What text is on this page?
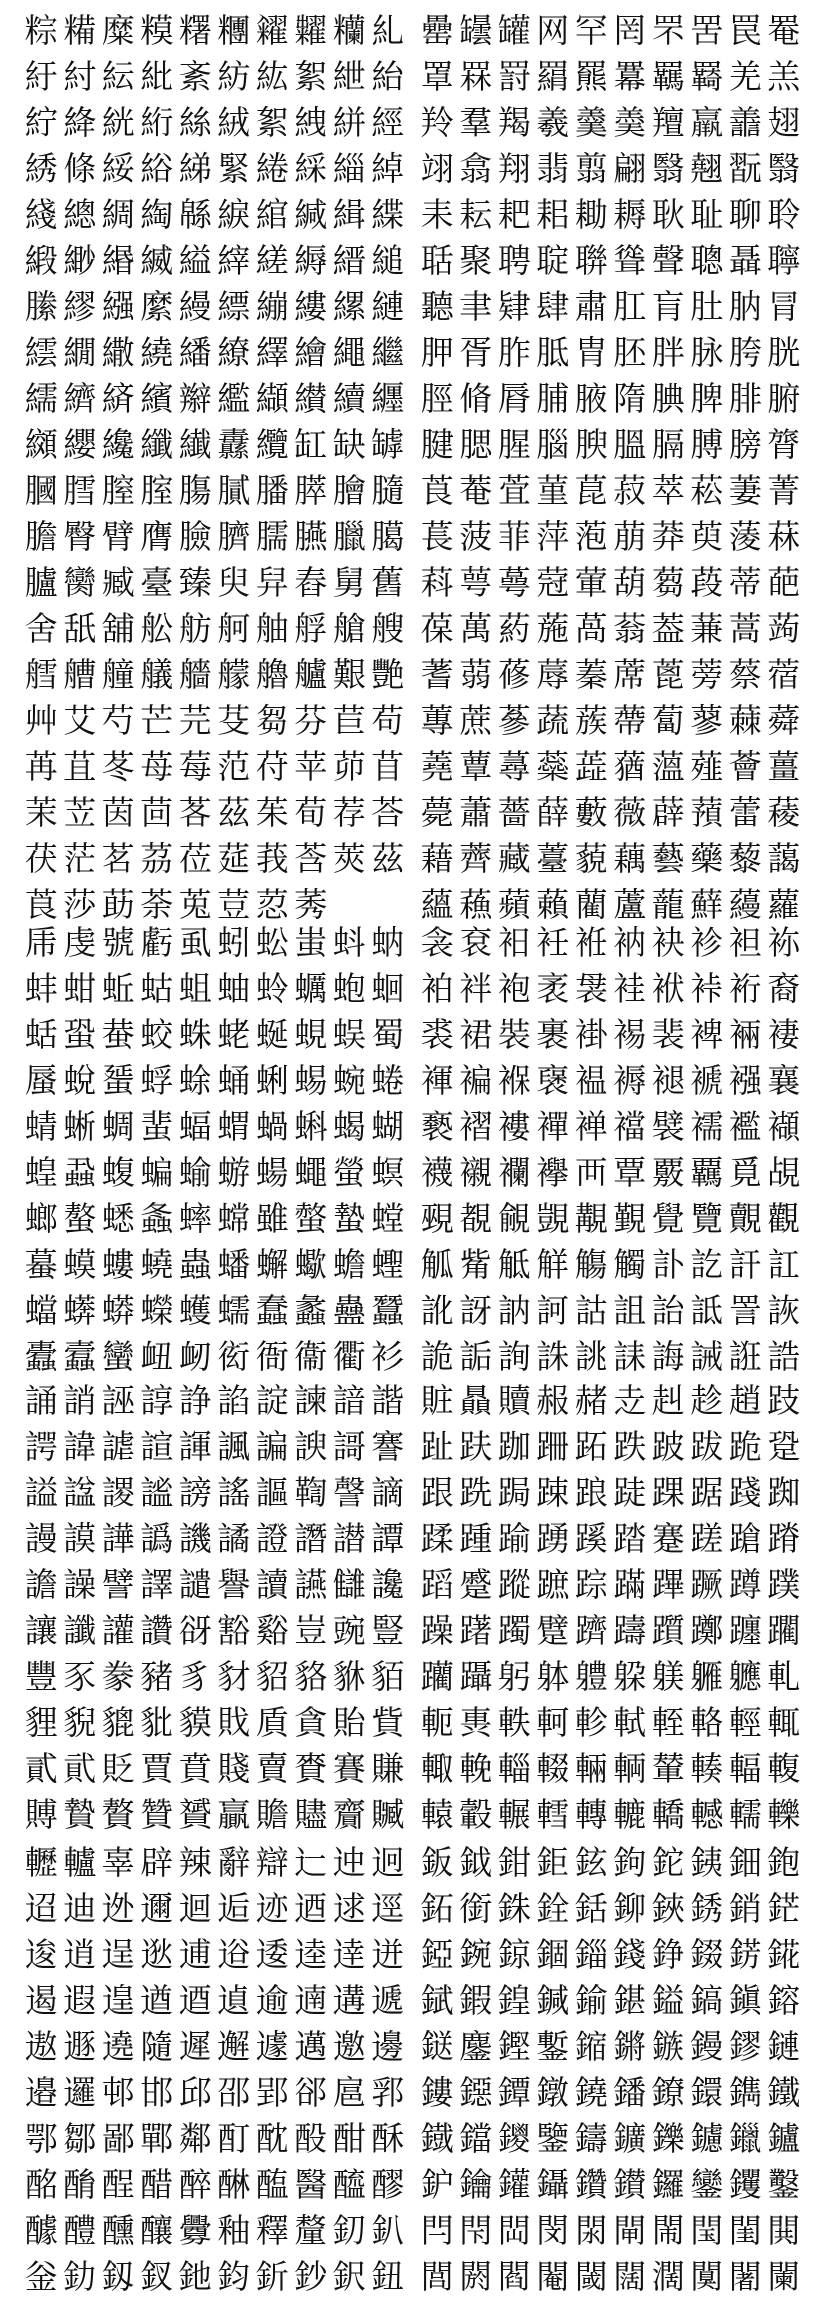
粽 糒 糜 糢 糬 糰 糴 糶 糷 糺
紆 紂 紜 紕 紊 紡 紘 絮 紲 紿
紵 絳 絖 絎 絲 絨 絮 絏 絣 經
綉 條 綏 綌 綈 緊 綣 綵 緇 綽
綫 總 綢 綯 緜 綟 綰 緘 緝 緤
緞 緲 緡 縅 縊 縡 縒 縟 縉 縋
縢 繆 繦 縻 縵 縹 繃 縷 縲 縺
繧 繝 繖 繞 繙 繚 繹 繪 繩 繼
繻 纃 緕 繽 辮 繿 纈 纉 續 纒
纐 纓 纔 纖 纎 纛 纜 缸 缺 罅
罍 罎 罐 网 罕 罔 罘 罟 罠 罨
罩 罧 罸 羂 羆 羃 羈 羇 羌 羔
羚 羣 羯 羲 羹 羮 羶 羸 譱 翅
翊 翕 翔 翡 翦 翩 翳 翹 翫 翳
耒 耘 耙 耜 耡 耨 耿 耻 聊 聆
聒 聚 聘 聢 聨 聳 聲 聰 聶 聹
聽 聿 肄 肆 肅 肛 肓 肚 肭 冐
胛 胥 胙 胝 胄 胚 胖 脉 胯 胱
脛 脩 脣 脯 腋 隋 腆 脾 腓 腑
腱 腮 腥 腦 腴 膃 膈 膊 膀 膂
膕 膤 膣 腟 膓 膩 膰 膵 膾 膸
膽 臀 臂 膺 臉 臍 臑 臙 臘 臈
臚 臠 臧 臺 臻 臾 舁 舂 舅 舊
舍 舐 舖 舩 舫 舸 舳 艀 艙 艘
艝 艚 艟 艤 艢 艨 艪 艫 艱 艷
艸 艾 芍 芒 芫 芟 芻 芬 苣 苟
苒 苴 苳 苺 莓 范 苻 苹 茆 苜
茉 苙 茵 茴 茖 茲 茱 荀 荐 荅
茯 茫 茗 茘 莅 莚 莪 莟 莢 茲
莨 莎 莇 荼 莵 荳 荵 莠
莨 菴 萓 菫 菎 菽 萃 菘 萋 菁
萇 菠 菲 萍 萢 萠 莽 萸 蔆 菻
萪 萼 蕚 蒄 葷 葫 蒭 葮 蒂 葩
葆 萬 葯 葹 萵 蓊 葢 蒹 蒿 蒟
蓍 蒻 蓚 蓐 蓁 蓆 蓖 蒡 蔡 蓿
蓴 蔗 蔘 蔬 蔟 蔕 蔔 蓼 蕀 蕣
蕘 蕈 蕁 蘂 蕋 蕕 薀 薤 薈 薑
薨 蕭 薔 薛 藪 薇 薜 蕷 蕾 薐
藉 薺 藏 薹 藐 藕 藝 藥 藜 藹
蘊 蘓 蘋 藾 藺 蘆 蘢 蘚 蘰 蘿
乕 虔 號 虧 虱 蚓 蚣 蚩 蚪 蚋
蚌 蚶 蚯 蛄 蛆 蚰 蛉 蠣 蚫 蛔
蛞 蛩 蛬 蛟 蛛 蛯 蜒 蜆 蜈 蜀
蜃 蛻 蜑 蜉 蜍 蛹 蜊 蜴 蜿 蜷
蜻 蜥 蜩 蜚 蝠 蝟 蝸 蝌 蝎 蝴
蝗 蝨 蝮 蝙 蝓 蝣 蝪 蠅 螢 螟
螂 螯 蟋 螽 蟀 蟐 雖 螫 蟄 螳
蟇 蟆 螻 蟯 蟲 蟠 蠏 蠍 蟾 蟶
蟷 蠎 蟒 蠑 蠖 蠕 蠢 蠡 蠱 蠶
蠹 蠧 蠻 衄 衂 衒 衙 衞 衢 衫
衾 袞 衵 衽 袵 衲 袂 袗 袒 袮
袙 袢 袍 袤 袰 袿 袱 裃 裄 裔
裘 裙 裝 裹 褂 裼 裴 裨 裲 褄
褌 褊 褓 襃 褞 褥 褪 褫 襁 襄
褻 褶 褸 襌 褝 襠 襞 襦 襤 襭
襪 襯 襴 襷 襾 覃 覈 覊 覓 覘
覡 覩 覦 覬 覯 覲 覺 覽 覿 觀
觚 觜 觝 觧 觴 觸 訃 訖 訐 訌
訛 訝 訥 訶 詁 詛 詒 詆 詈 詼
詭 詬 詢 誅 誂 誄 誨 誡 誑 誥
誦 誚 誣 諄 諍 諂 諚 諫 諳 諧
諤 諱 謔 諠 諢 諷 諞 諛 謌 謇
謚 諡 謖 謐 謗 謠 謳 鞫 謦 謫
謾 謨 譁 譌 譏 譎 證 譖 譛 譚
譫 譟 譬 譯 譴 譽 讀 讌 讎 讒
讓 讖 讙 讚 谺 豁 谿 豈 豌 豎
豐 豕 豢 豬 豸 豺 貂 貉 貅 貊
貍 貎 貔 豼 貘 戝 貭 貪 貽 貲
貳 貮 貶 賈 賁 賤 賣 賚 賽 賺
賻 贄 贅 贊 贇 贏 贍 贐 齎 贓
賍 贔 贖 赧 赭 赱 赳 趁 趙 跂
趾 趺 跏 跚 跖 跌 跛 跋 跪 跫
跟 跣 跼 踈 踉 跿 踝 踞 踐 踟
蹂 踵 踰 踴 蹊 踏 蹇 蹉 蹌 蹐
蹈 蹙 蹤 蹠 踪 蹣 蹕 蹶 蹲 蹼
躁 躇 躅 躄 躋 躊 躓 躑 躔 躙
躪 躡 躬 躰 軆 躱 躾 軅 軈 軋
軛 軣 軼 軻 軫 軾 輊 輅 輕 輒
輙 輓 輜 輟 輛 輌 輦 輳 輻 輹
轅 轂 輾 轌 轉 轆 轎 轗 轜 轢
轣 轤 辜 辟 辣 辭 辯 辷 迚 迥
迢 迪 迯 邇 迴 逅 迹 迺 逑 逕
逡 逍 逞 逖 逋 逧 逶 逵 逹 迸
遏 遐 遑 遒 逎 遉 逾 遖 遘 遞
遨 遯 遶 隨 遲 邂 遽 邁 邀 邊
邉 邏 邨 邯 邱 邵 郢 郤 扈 郛
鄂 鄒 鄙 鄲 鄰 酊 酖 酘 酣 酥
酩 酳 酲 醋 醉 醂 醢 醫 醯 醪
醵 醴 醺 釀 釁 釉 釋 釐 釖 釟
釡 釛 釼 釵 釶 鈞 釿 鈔 鈬 鈕
鈑 鉞 鉗 鉅 鉉 鉤 鉈 銕 鈿 鉋
鉐 銜 銖 銓 銛 鉚 鋏 銹 銷 鋩
錏 鋺 鍄 錮 錙 錢 錚 錣 錺 錵
錻 鍜 鍠 鍼 鍮 鍖 鎰 鎬 鎭 鎔
鎹 鏖 鏗 鏨 鏥 鏘 鏃 鏝 鏐 鏈
鏤 鐚 鐔 鐓 鐃 鐇 鐐 鐶 鐫 鐵
鐡 鐺 鑁 鑒 鑄 鑛 鑠 鑢 鑞 鑪
鈩 鑰 鑵 鑷 鑽 鑚 鑼 鑾 钁 鑿
閂 閇 閊 閔 閖 閘 閙 閠 閨 閧
閭 閼 閻 閹 閾 闊 濶 闃 闍 闌
